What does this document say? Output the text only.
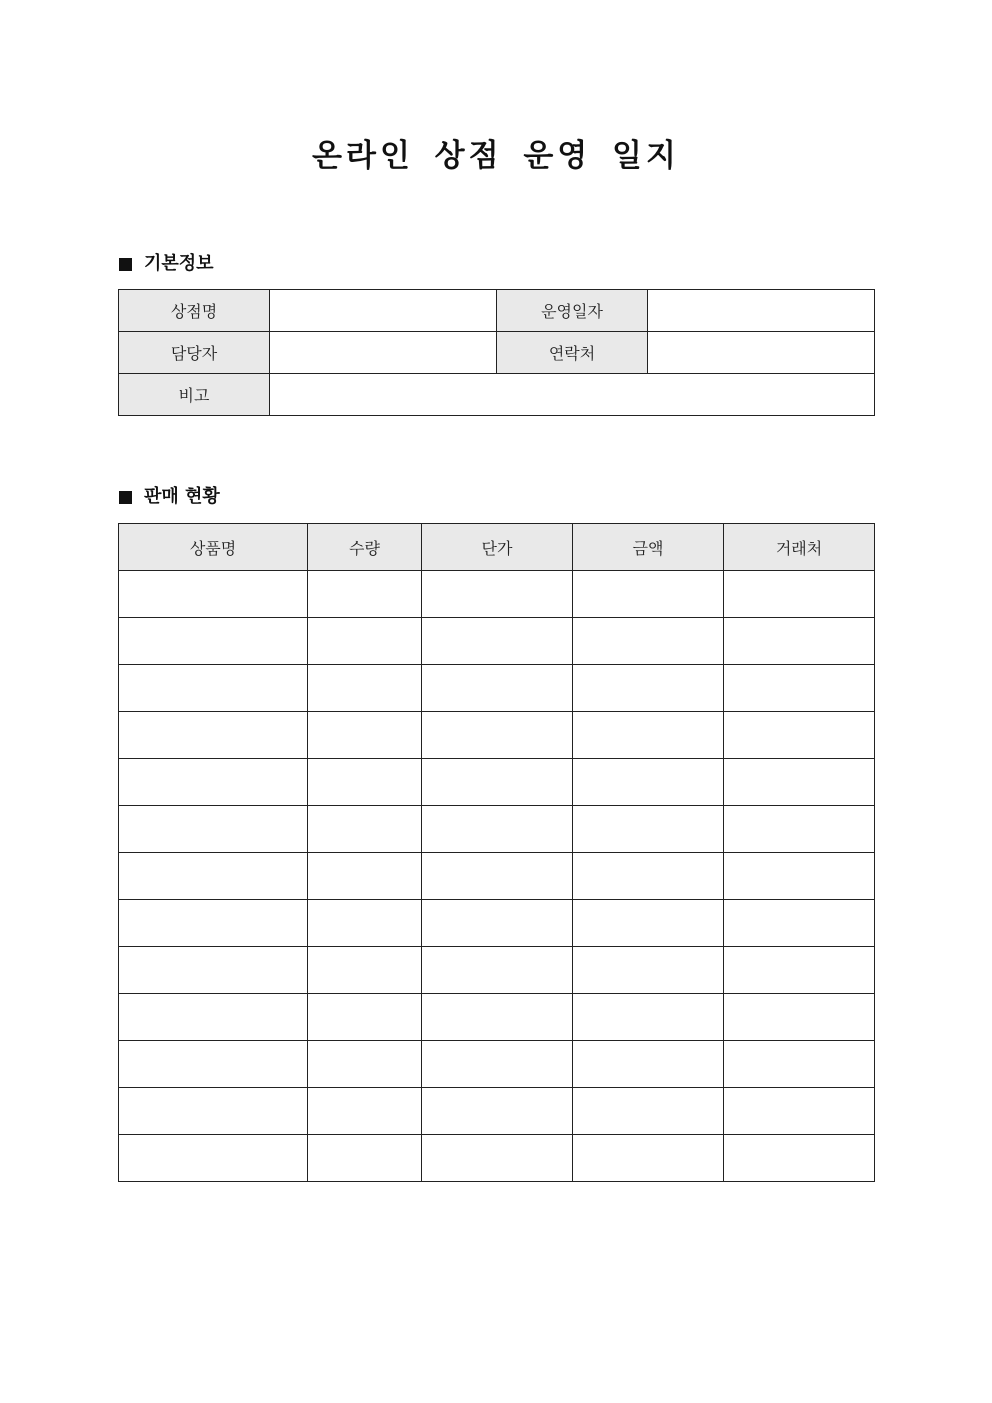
온라인 상점 운영 일지
기본정보
상점명		운영일자	
담당자		연락처	
비고			
판매 현황
상품명	수량	단가	금액	거래처
